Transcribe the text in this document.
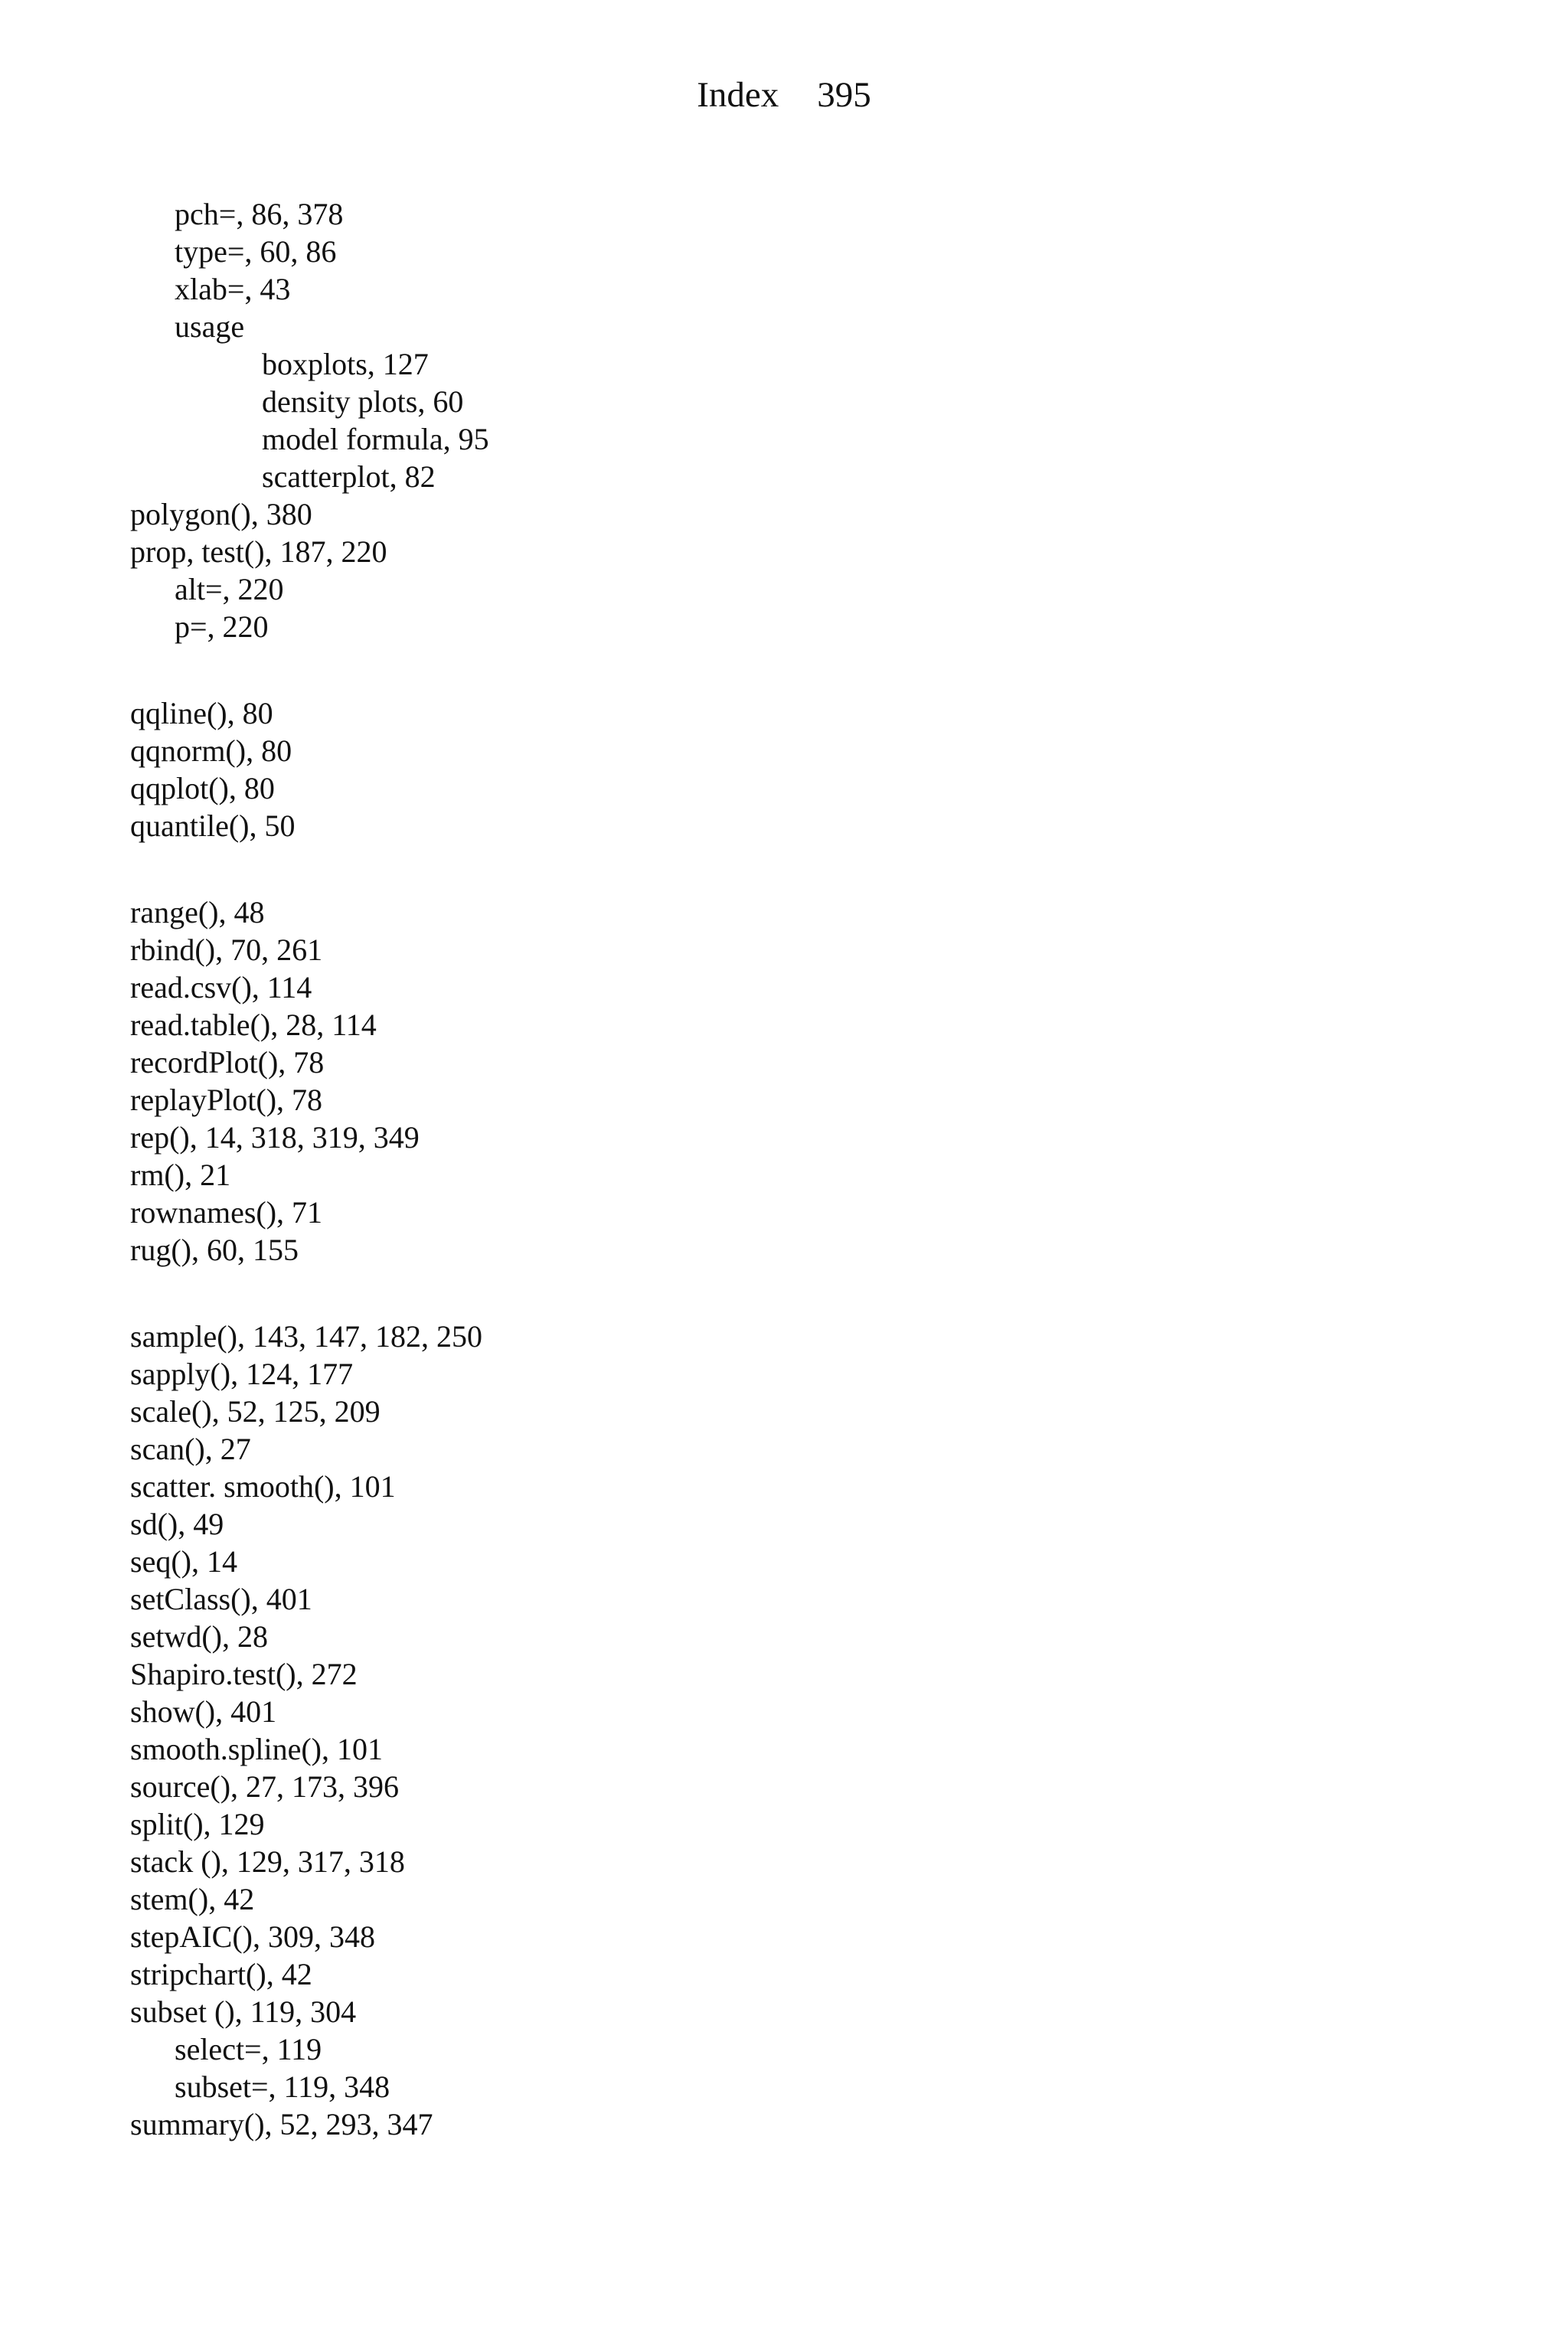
Index 395
pch=, 86, 378
type=, 60, 86
xlab=, 43
usage
boxplots, 127
density plots, 60
model formula, 95
scatterplot, 82
polygon(), 380
prop, test(), 187, 220
alt=, 220
p=, 220
qqline(), 80
qqnorm(), 80
qqplot(), 80
quantile(), 50
range(), 48
rbind(), 70, 261
read.csv(), 114
read.table(), 28, 114
recordPlot(), 78
replayPlot(), 78
rep(), 14, 318, 319, 349
rm(), 21
rownames(), 71
rug(), 60, 155
sample(), 143, 147, 182, 250
sapply(), 124, 177
scale(), 52, 125, 209
scan(), 27
scatter. smooth(), 101
sd(), 49
seq(), 14
setClass(), 401
setwd(), 28
Shapiro.test(), 272
show(), 401
smooth.spline(), 101
source(), 27, 173, 396
split(), 129
stack (), 129, 317, 318
stem(), 42
stepAIC(), 309, 348
stripchart(), 42
subset (), 119, 304
select=, 119
subset=, 119, 348
summary(), 52, 293, 347
